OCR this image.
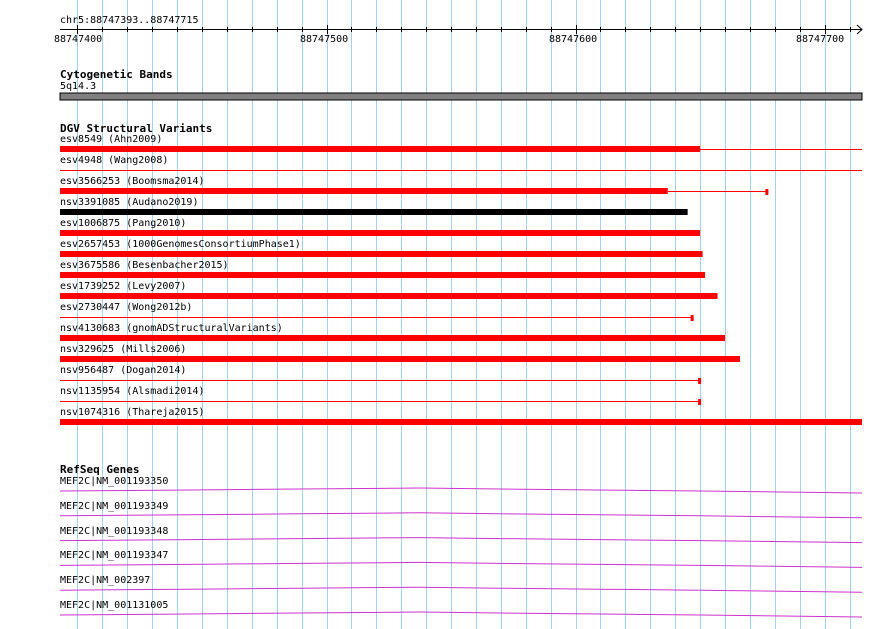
chr5:88747393..88747715
88747400	88747500	88747600	88747700
Cytogenetic Bands
5q14.3
DGV Structural Variants
esv8549 (Ahn2009)
esv4948 (Wang2008)
esv3566253 (Boomsma2014)
nsv3391085 (Audano2019)
esv1006875 (Pang2010)
esv2657453 (1000GenomesConsortiumPhase1)
esv3675586 (Besenbacher2015)
esv1739252 (Levy2007)
esv2730447 (Wong2012b)
nsv4130683 (gnomADStructuralVariants)
nsv329625 (Mills2006)
nsv956487 (Dogan2014)
nsv1135954 (Alsmadi2014)
nsv1074316 (Thareja2015)
RefSeq Genes
MEF2C|NM_001193350
MEF2C|NM_001193349
MEF2C|NM_001193348
MEF2C|NM_001193347
MEF2C|NM_002397
MEF2C|NM_001131005
